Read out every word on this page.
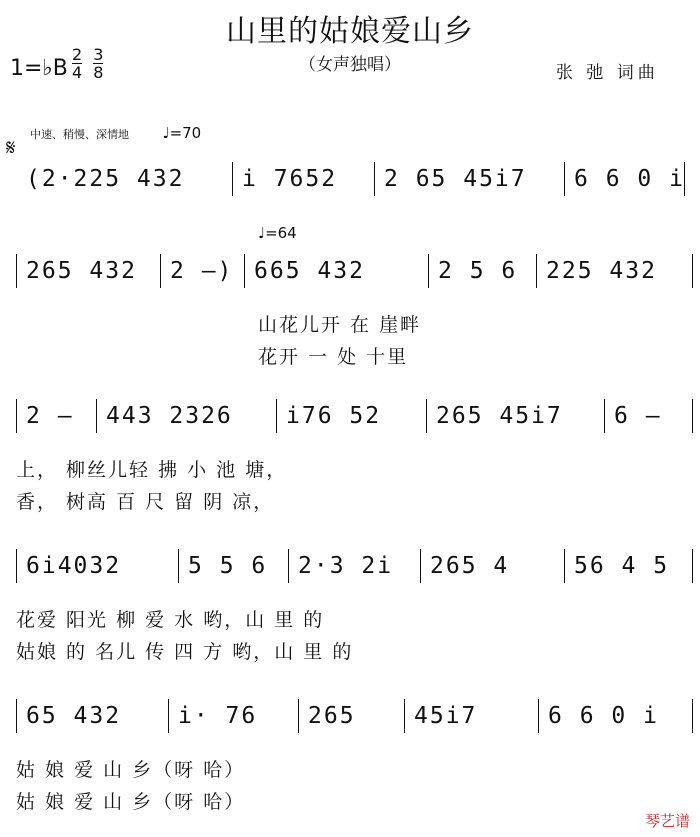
山里的姑娘爱山乡
（女声独唱）
1=♭B $\frac{2}{4}$
$\frac{3}{8}$	张 弛 词曲
𝄋
中速、稍慢、深情地 ♩=70
♩=64
(2·225 432	i 7652 2 65 45i7 6 6 0 i
265 432 2 –) 665 432	2 5 6 225 432
山花儿开 在 崖畔
花开 一 处 十里
2 – 443 2326 i76 52 265 45i7 6 –
上， 柳丝儿轻 拂 小 池 塘，
香， 树高 百 尺 留 阴 凉，
6i4032	5 5 6 2·3 2i 265 4	56 4 5
花爱 阳光 柳 爱 水 哟，山 里 的
姑娘 的 名儿 传 四 方 哟，山 里 的
65 432 i· 76 265	45i7	6 6 0 i
姑 娘 爱 山 乡（呀 哈）
姑 娘 爱 山 乡（呀 哈）
琴艺谱
